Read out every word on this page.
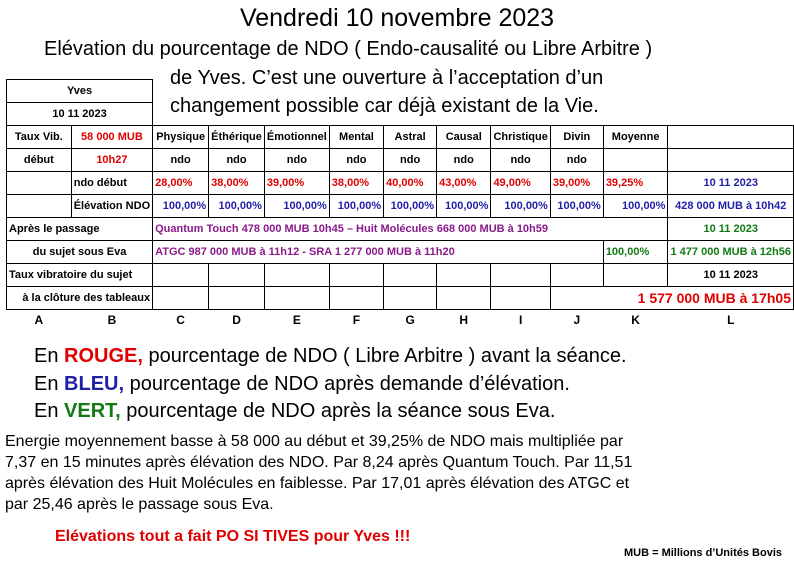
Vendredi 10 novembre 2023
Elévation du pourcentage de NDO ( Endo-causalité ou Libre Arbitre )
de Yves. C’est une ouverture à l’acceptation d’un
changement possible car déjà existant de la Vie.
Yves											
10 11 2023											
Taux Vib.	58 000 MUB	Physique	Éthérique	Émotionnel	Mental	Astral	Causal	Christique	Divin	Moyenne	
début	10h27	ndo	ndo	ndo	ndo	ndo	ndo	ndo	ndo		
	ndo début	28,00%	38,00%	39,00%	38,00%	40,00%	43,00%	49,00%	39,00%	39,25%	10 11 2023
	Élévation NDO	100,00%	100,00%	100,00%	100,00%	100,00%	100,00%	100,00%	100,00%	100,00%	428 000 MUB à 10h42
Après le passage		Quantum Touch 478 000 MUB 10h45 – Huit Molécules 668 000 MUB à 10h59									10 11 2023
du sujet sous Eva		ATGC 987 000 MUB à 11h12 - SRA 1 277 000 MUB à 11h20								100,00%	1 477 000 MUB à 12h56
Taux vibratoire du sujet											10 11 2023
à la clôture des tableaux									1 577 000 MUB à 17h05		
A	B	C	D	E	F	G	H	I	J	K	L
En ROUGE, pourcentage de NDO ( Libre Arbitre ) avant la séance.
En BLEU, pourcentage de NDO après demande d’élévation.
En VERT, pourcentage de NDO après la séance sous Eva.
Energie moyennement basse à 58 000 au début et 39,25% de NDO mais multipliée par
7,37 en 15 minutes après élévation des NDO. Par 8,24 après Quantum Touch. Par 11,51
après élévation des Huit Molécules en faiblesse. Par 17,01 après élévation des ATGC et
par 25,46 après le passage sous Eva.
Elévations tout a fait PO SI TIVES pour Yves !!!
MUB = Millions d’Unités Bovis
